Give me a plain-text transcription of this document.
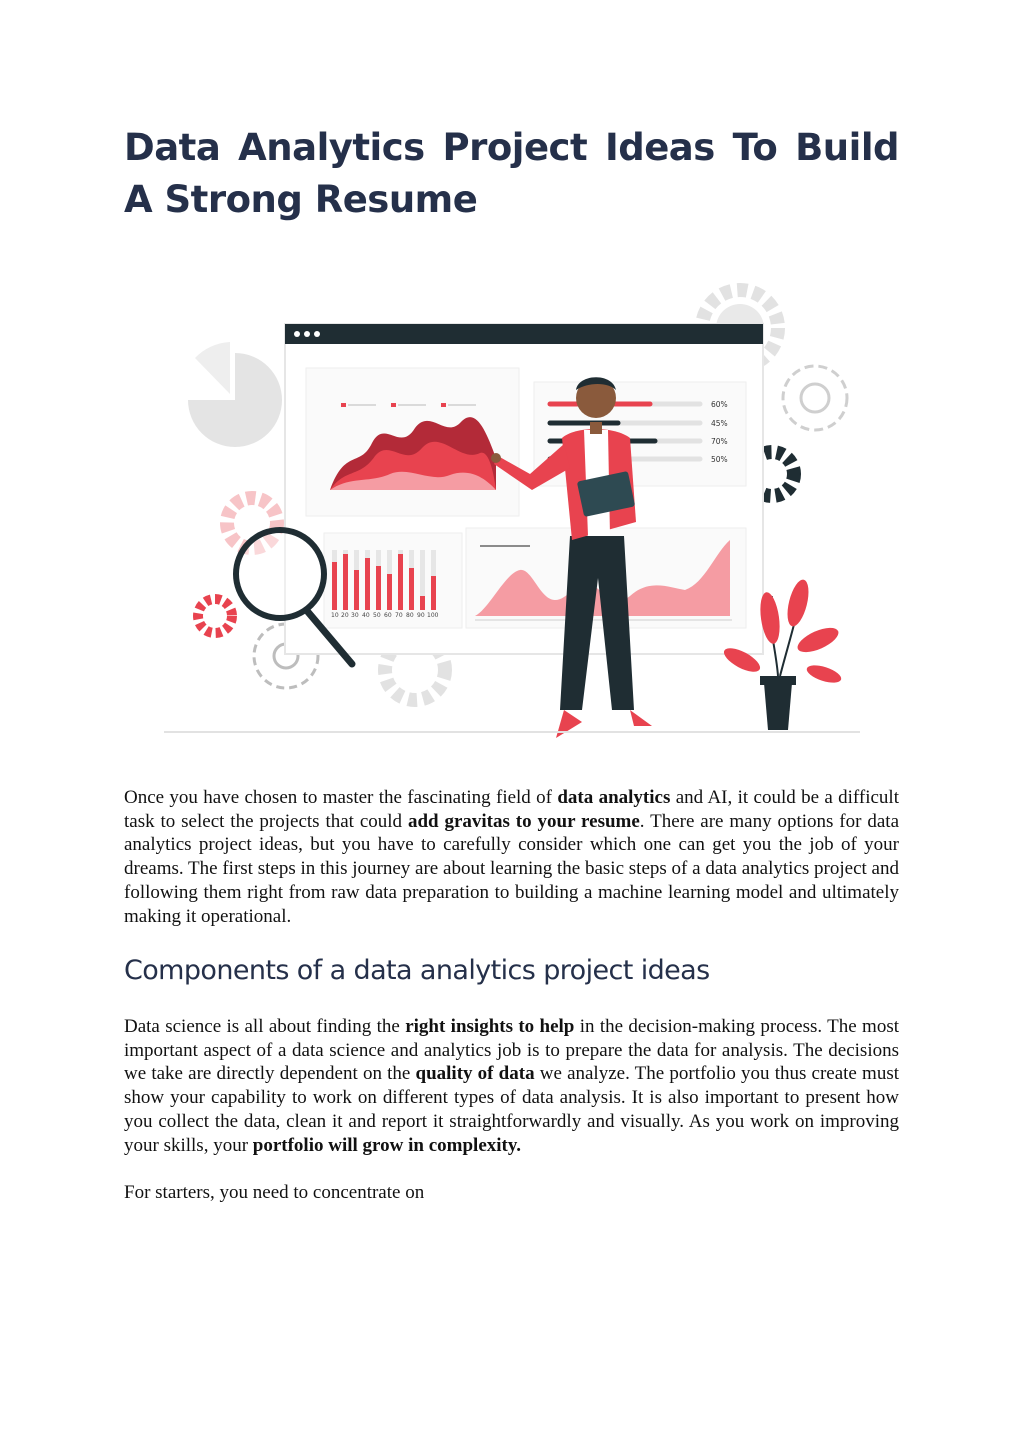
Data Analytics Project Ideas To Build A Strong Resume
60%
45%
70%
50%
10 20 30 40 50 60 70 80 90 100

Once you have chosen to master the fascinating field of data analytics and AI, it could be a difficult task to select the projects that could add gravitas to your resume. There are many options for data analytics project ideas, but you have to carefully consider which one can get you the job of your dreams. The first steps in this journey are about learning the basic steps of a data analytics project and following them right from raw data preparation to building a machine learning model and ultimately making it operational.

Components of a data analytics project ideas

Data science is all about finding the right insights to help in the decision-making process. The most important aspect of a data science and analytics job is to prepare the data for analysis. The decisions we take are directly dependent on the quality of data we analyze. The portfolio you thus create must show your capability to work on different types of data analysis. It is also important to present how you collect the data, clean it and report it straightforwardly and visually. As you work on improving your skills, your portfolio will grow in complexity.

For starters, you need to concentrate on
